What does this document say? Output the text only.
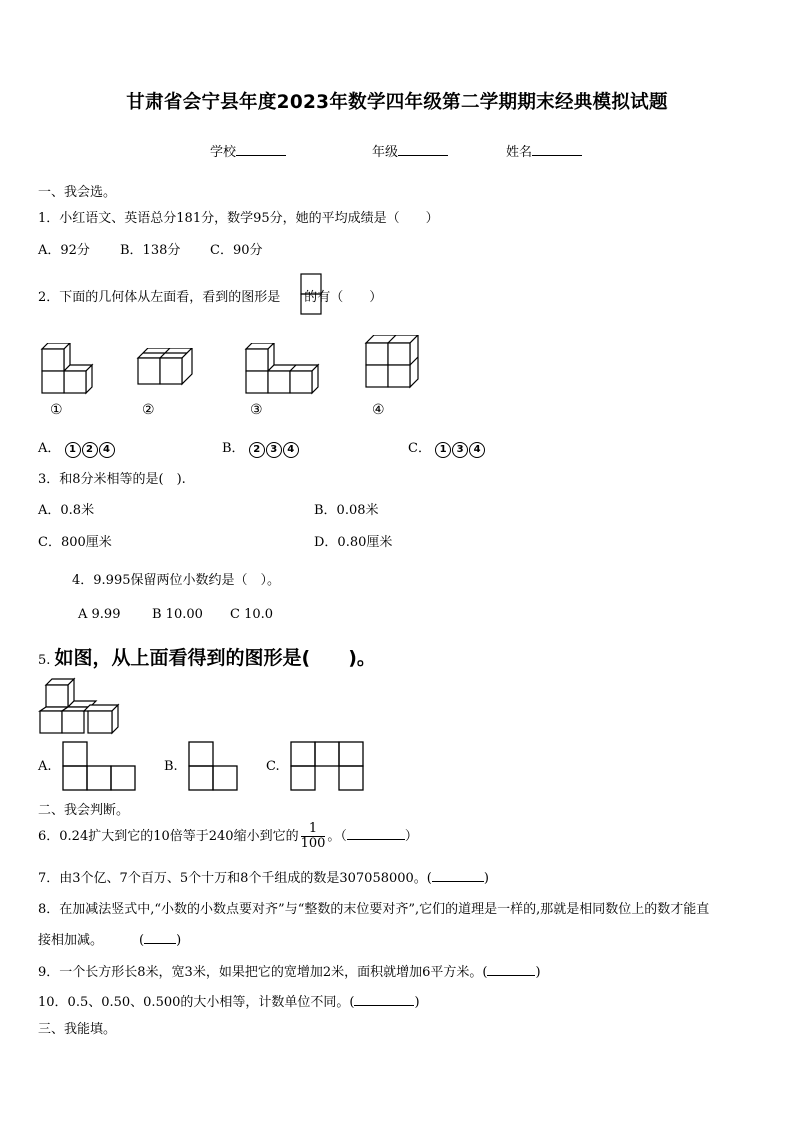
甘肃省会宁县年度2023年数学四年级第二学期期末经典模拟试题
学校	年级	姓名
一、我会选。
1．小红语文、英语总分181分，数学95分，她的平均成绩是（　　）
A．92分 B．138分 C．90分
2．下面的几何体从左面看，看到的图形是 的有（　　）
①	②	③	④
A． 1 2 4	B． 2 3 4	C． 1 3 4
3．和8分米相等的是(　).
A．0.8米	B．0.08米
C．800厘米	D．0.80厘米
4．9.995保留两位小数约是（　）。
A 9.99 B 10.00 C 10.0
5. 如图，从上面看得到的图形是(　　)。
A.	B.	C.
二、我会判断。
6．0.24扩大到它的10倍等于240缩小到它的 $\frac{1}{100}$ 。（	）
7．由3个亿、7个百万、5个十万和8个千组成的数是307058000。(	)
8．在加减法竖式中,“小数的小数点要对齐”与“整数的末位要对齐”,它们的道理是一样的,那就是相同数位上的数才能直
接相加减。	( )
9．一个长方形长8米，宽3米，如果把它的宽增加2米，面积就增加6平方米。(	)
10．0.5、0.50、0.500的大小相等，计数单位不同。(	)
三、我能填。
